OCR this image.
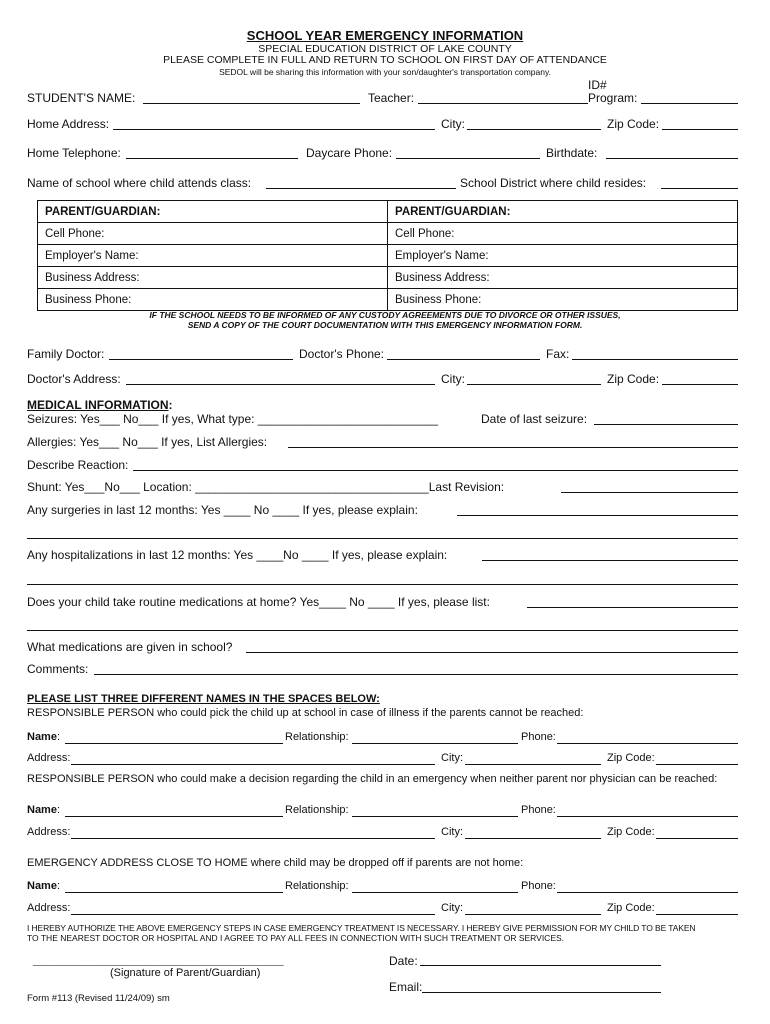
SCHOOL YEAR EMERGENCY INFORMATION
SPECIAL EDUCATION DISTRICT OF LAKE COUNTY
PLEASE COMPLETE IN FULL AND RETURN TO SCHOOL ON FIRST DAY OF ATTENDANCE
SEDOL will be sharing this information with your son/daughter's transportation company.
ID#
STUDENT'S NAME:	Teacher:	Program:
Home Address:	City:	Zip Code:
Home Telephone:	Daycare Phone:	Birthdate:
Name of school where child attends class:	School District where child resides:
PARENT/GUARDIAN:	PARENT/GUARDIAN:
Cell Phone:	Cell Phone:
Employer's Name:	Employer's Name:
Business Address:	Business Address:
Business Phone:	Business Phone:
IF THE SCHOOL NEEDS TO BE INFORMED OF ANY CUSTODY AGREEMENTS DUE TO DIVORCE OR OTHER ISSUES,
SEND A COPY OF THE COURT DOCUMENTATION WITH THIS EMERGENCY INFORMATION FORM.
Family Doctor:	Doctor's Phone:	Fax:
Doctor's Address:	City:	Zip Code:
MEDICAL INFORMATION:
Seizures: Yes___ No___ If yes, What type: ___________________________	Date of last seizure:
Allergies: Yes___ No___ If yes, List Allergies:
Describe Reaction:
Shunt: Yes___No___ Location: ___________________________________Last Revision:
Any surgeries in last 12 months: Yes ____ No ____ If yes, please explain:
Any hospitalizations in last 12 months: Yes ____No ____ If yes, please explain:
Does your child take routine medications at home? Yes____ No ____ If yes, please list:
What medications are given in school?
Comments:
PLEASE LIST THREE DIFFERENT NAMES IN THE SPACES BELOW:
RESPONSIBLE PERSON who could pick the child up at school in case of illness if the parents cannot be reached:
Name:	Relationship:	Phone:
Address:	City:	Zip Code:
RESPONSIBLE PERSON who could make a decision regarding the child in an emergency when neither parent nor physician can be reached:
Name:	Relationship:	Phone:
Address:	City:	Zip Code:
EMERGENCY ADDRESS CLOSE TO HOME where child may be dropped off if parents are not home:
Name:	Relationship:	Phone:
Address:	City:	Zip Code:
I HEREBY AUTHORIZE THE ABOVE EMERGENCY STEPS IN CASE EMERGENCY TREATMENT IS NECESSARY. I HEREBY GIVE PERMISSION FOR MY CHILD TO BE TAKEN
TO THE NEAREST DOCTOR OR HOSPITAL AND I AGREE TO PAY ALL FEES IN CONNECTION WITH SUCH TREATMENT OR SERVICES.
_____________________________________________________
(Signature of Parent/Guardian)
Date:
Email:
Form #113 (Revised 11/24/09) sm
